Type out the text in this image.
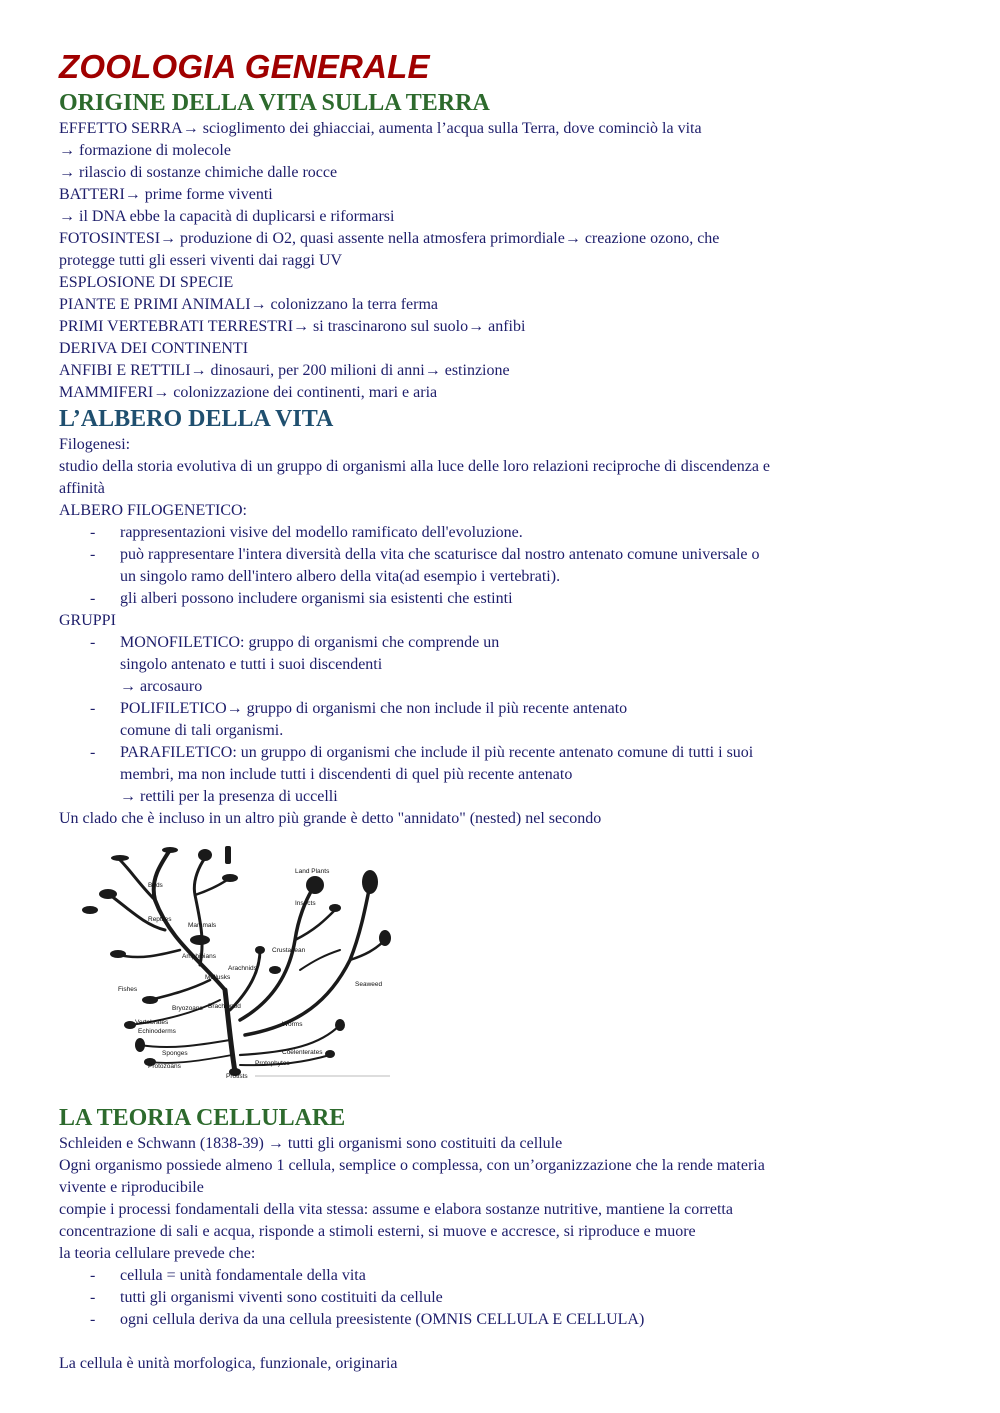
ZOOLOGIA GENERALE
ORIGINE DELLA VITA SULLA TERRA

EFFETTO SERRA→ scioglimento dei ghiacciai, aumenta l’acqua sulla Terra, dove cominciò la vita

→ formazione di molecole

→ rilascio di sostanze chimiche dalle rocce

BATTERI→ prime forme viventi

→ il DNA ebbe la capacità di duplicarsi e riformarsi

FOTOSINTESI→ produzione di O2, quasi assente nella atmosfera primordiale→ creazione ozono, che

protegge tutti gli esseri viventi dai raggi UV

ESPLOSIONE DI SPECIE

PIANTE E PRIMI ANIMALI→ colonizzano la terra ferma

PRIMI VERTEBRATI TERRESTRI→ si trascinarono sul suolo→ anfibi

DERIVA DEI CONTINENTI

ANFIBI E RETTILI→ dinosauri, per 200 milioni di anni→ estinzione

MAMMIFERI→ colonizzazione dei continenti, mari e aria

L’ALBERO DELLA VITA

Filogenesi:

studio della storia evolutiva di un gruppo di organismi alla luce delle loro relazioni reciproche di discendenza e

affinità

ALBERO FILOGENETICO:

- rappresentazioni visive del modello ramificato dell'evoluzione.
- può rappresentare l'intera diversità della vita che scaturisce dal nostro antenato comune universale o
un singolo ramo dell'intero albero della vita(ad esempio i vertebrati).
- gli alberi possono includere organismi sia esistenti che estinti

GRUPPI

- MONOFILETICO: gruppo di organismi che comprende un
singolo antenato e tutti i suoi discendenti
→ arcosauro
- POLIFILETICO→ gruppo di organismi che non include il più recente antenato
comune di tali organismi.
- PARAFILETICO: un gruppo di organismi che include il più recente antenato comune di tutti i suoi
membri, ma non include tutti i discendenti di quel più recente antenato
→ rettili per la presenza di uccelli

Un clado che è incluso in un altro più grande è detto "annidato" (nested) nel secondo

Birds
Land Plants
Insects
Reptiles
Mammals
Amphibians
Crustacean
Arachnids
Mollusks
Seaweed
Fishes
Bryozoans Brachiopod
Vertebrates
Echinoderms
Worms
Sponges	Coelenterates
Protozoans	Protophytes
Protists
LA TEORIA CELLULARE

Schleiden e Schwann (1838-39) → tutti gli organismi sono costituiti da cellule

Ogni organismo possiede almeno 1 cellula, semplice o complessa, con un’organizzazione che la rende materia

vivente e riproducibile

compie i processi fondamentali della vita stessa: assume e elabora sostanze nutritive, mantiene la corretta

concentrazione di sali e acqua, risponde a stimoli esterni, si muove e accresce, si riproduce e muore

la teoria cellulare prevede che:

- cellula = unità fondamentale della vita
- tutti gli organismi viventi sono costituiti da cellule
- ogni cellula deriva da una cellula preesistente (OMNIS CELLULA E CELLULA)

La cellula è unità morfologica, funzionale, originaria
